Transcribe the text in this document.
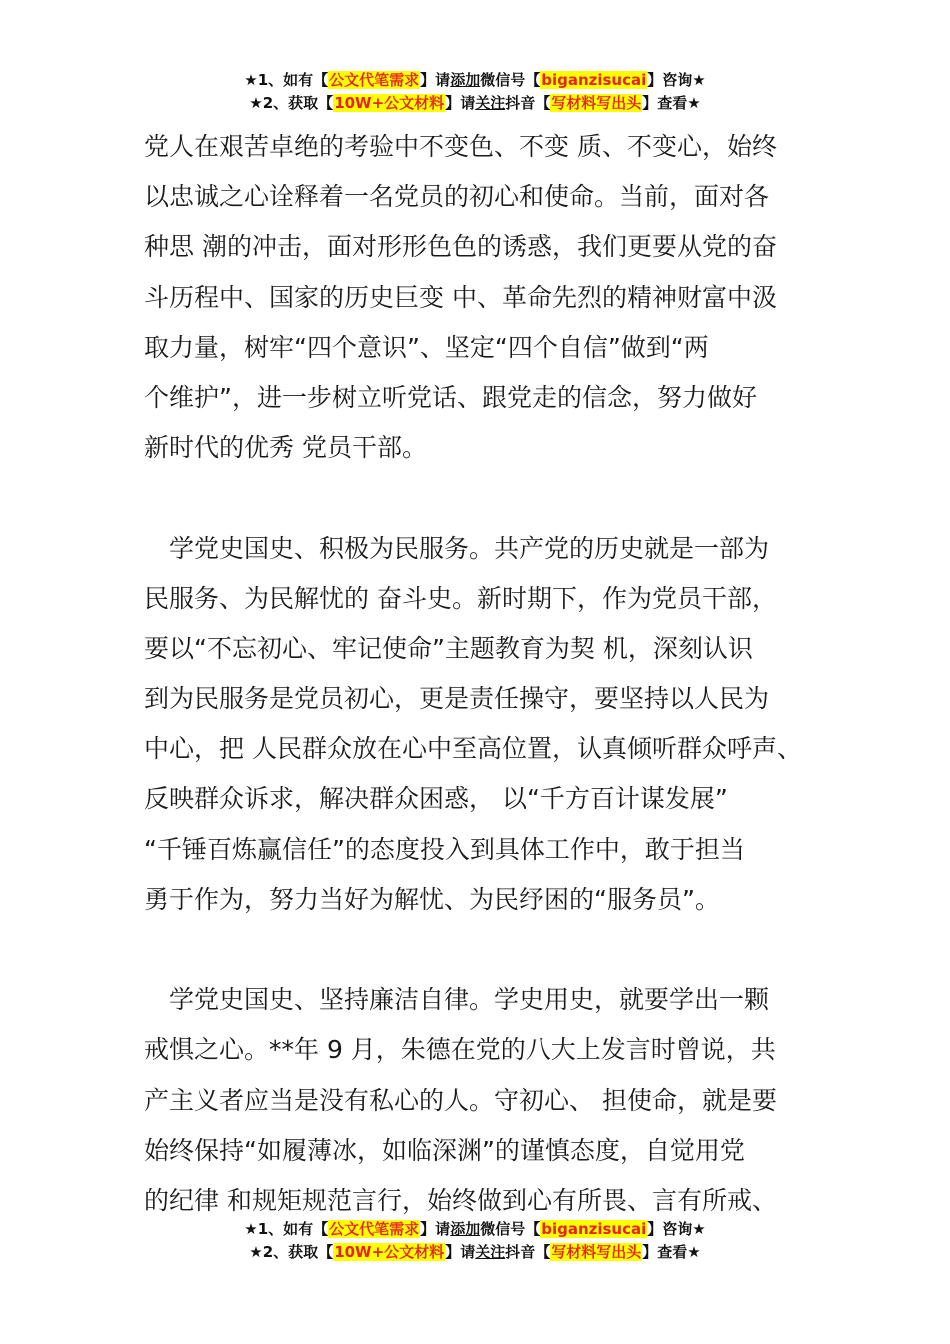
★1、如有【公文代笔需求】请添加微信号【biganzisucai】咨询★
★2、获取【10W+公文材料】请关注抖音【写材料写出头】查看★
党人在艰苦卓绝的考验中不变色、不变 质、不变心，始终
以忠诚之心诠释着一名党员的初心和使命。当前，面对各
种思 潮的冲击，面对形形色色的诱惑，我们更要从党的奋
斗历程中、国家的历史巨变 中、革命先烈的精神财富中汲
取力量，树牢“四个意识”、坚定“四个自信”做到“两
个维护”，进一步树立听党话、跟党走的信念，努力做好
新时代的优秀 党员干部。
　学党史国史、积极为民服务。共产党的历史就是一部为
民服务、为民解忧的 奋斗史。新时期下，作为党员干部，
要以“不忘初心、牢记使命”主题教育为契 机，深刻认识
到为民服务是党员初心，更是责任操守，要坚持以人民为
中心，把 人民群众放在心中至高位置，认真倾听群众呼声、
反映群众诉求，解决群众困惑， 以“千方百计谋发展”
“千锤百炼赢信任”的态度投入到具体工作中，敢于担当
勇于作为，努力当好为解忧、为民纾困的“服务员”。
　学党史国史、坚持廉洁自律。学史用史，就要学出一颗
戒惧之心。**年 9 月，朱德在党的八大上发言时曾说，共
产主义者应当是没有私心的人。守初心、 担使命，就是要
始终保持“如履薄冰，如临深渊”的谨慎态度，自觉用党
的纪律 和规矩规范言行，始终做到心有所畏、言有所戒、
★1、如有【公文代笔需求】请添加微信号【biganzisucai】咨询★
★2、获取【10W+公文材料】请关注抖音【写材料写出头】查看★
